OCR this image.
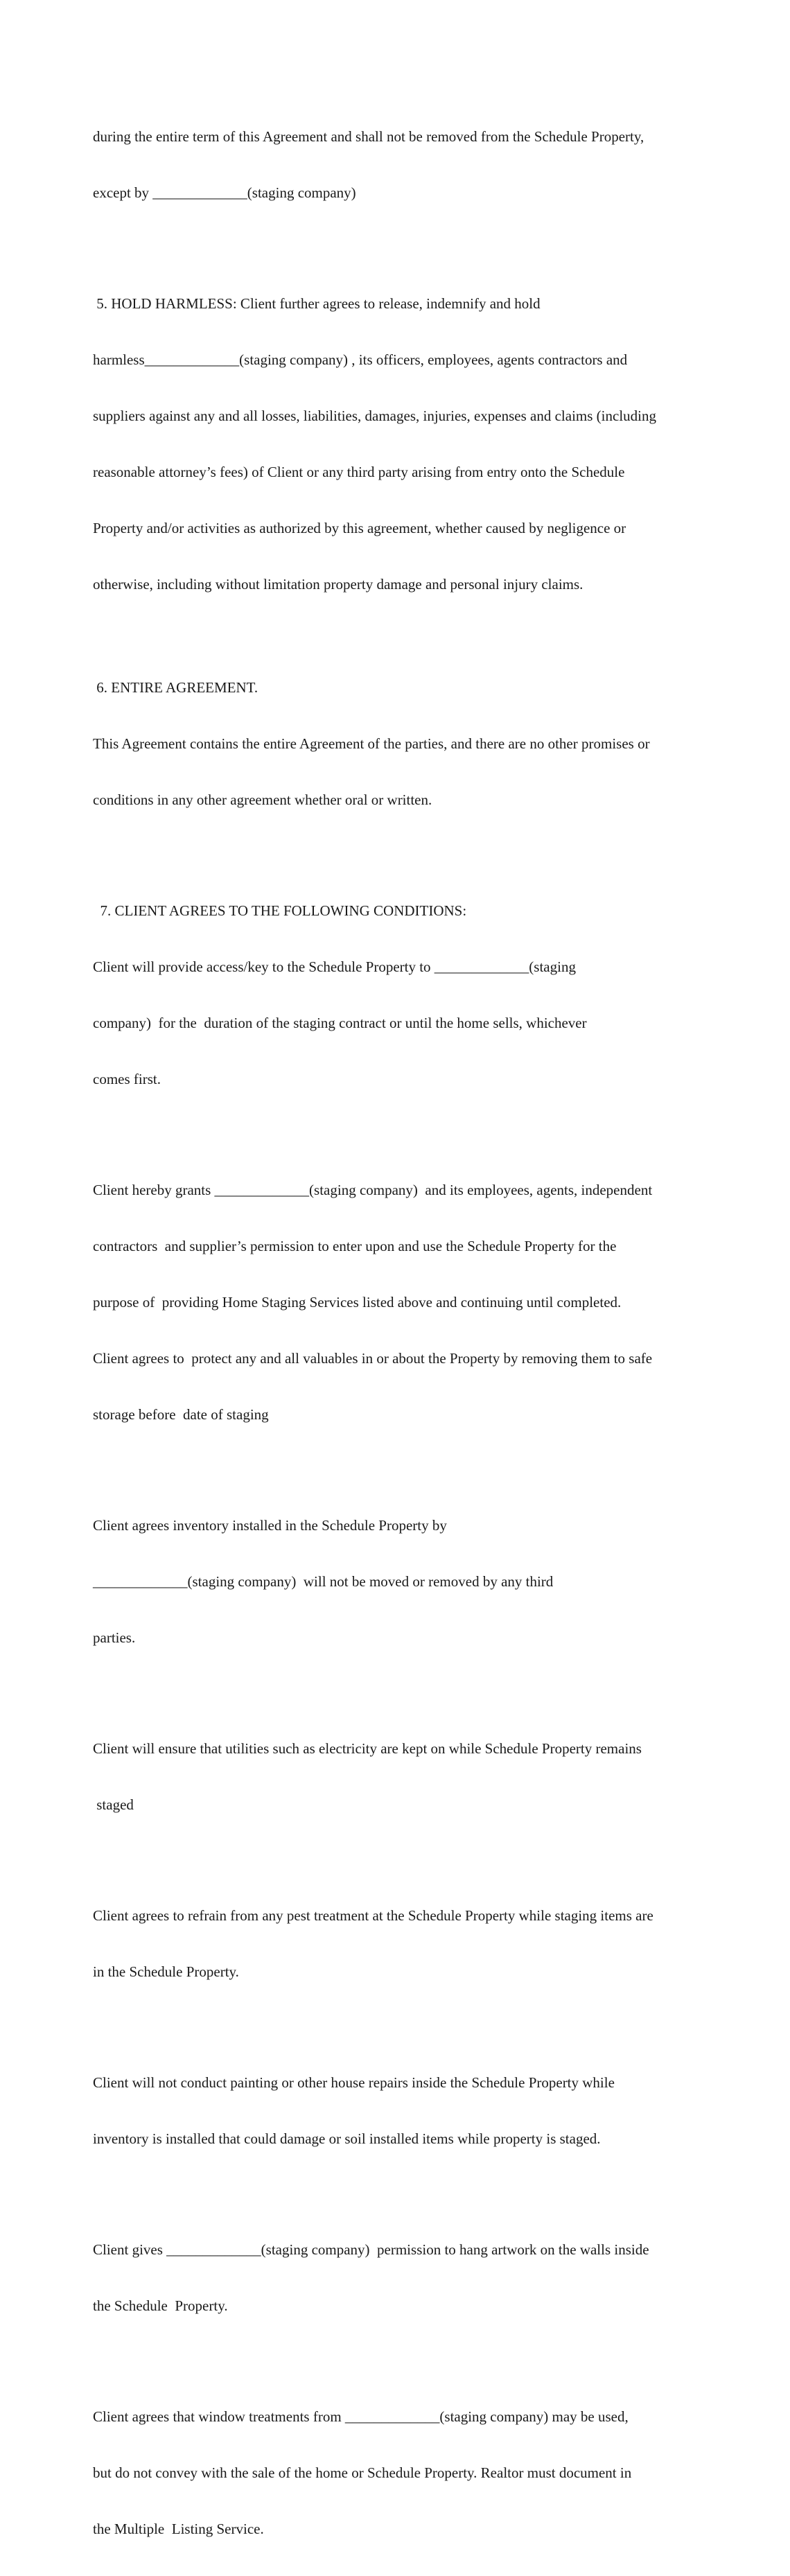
during the entire term of this Agreement and shall not be removed from the Schedule Property,

except by _____________(staging company)

5. HOLD HARMLESS: Client further agrees to release, indemnify and hold

harmless_____________(staging company) , its officers, employees, agents contractors and

suppliers against any and all losses, liabilities, damages, injuries, expenses and claims (including

reasonable attorney’s fees) of Client or any third party arising from entry onto the Schedule

Property and/or activities as authorized by this agreement, whether caused by negligence or

otherwise, including without limitation property damage and personal injury claims.

6. ENTIRE AGREEMENT.

This Agreement contains the entire Agreement of the parties, and there are no other promises or

conditions in any other agreement whether oral or written.

7. CLIENT AGREES TO THE FOLLOWING CONDITIONS:

Client will provide access/key to the Schedule Property to _____________(staging

company)  for the  duration of the staging contract or until the home sells, whichever

comes first.

Client hereby grants _____________(staging company)  and its employees, agents, independent

contractors  and supplier’s permission to enter upon and use the Schedule Property for the

purpose of  providing Home Staging Services listed above and continuing until completed.

Client agrees to  protect any and all valuables in or about the Property by removing them to safe

storage before  date of staging

Client agrees inventory installed in the Schedule Property by

_____________(staging company)  will not be moved or removed by any third

parties.

Client will ensure that utilities such as electricity are kept on while Schedule Property remains

staged

Client agrees to refrain from any pest treatment at the Schedule Property while staging items are

in the Schedule Property.

Client will not conduct painting or other house repairs inside the Schedule Property while

inventory is installed that could damage or soil installed items while property is staged.

Client gives _____________(staging company)  permission to hang artwork on the walls inside

the Schedule  Property.

Client agrees that window treatments from _____________(staging company) may be used,

but do not convey with the sale of the home or Schedule Property. Realtor must document in

the Multiple  Listing Service.
